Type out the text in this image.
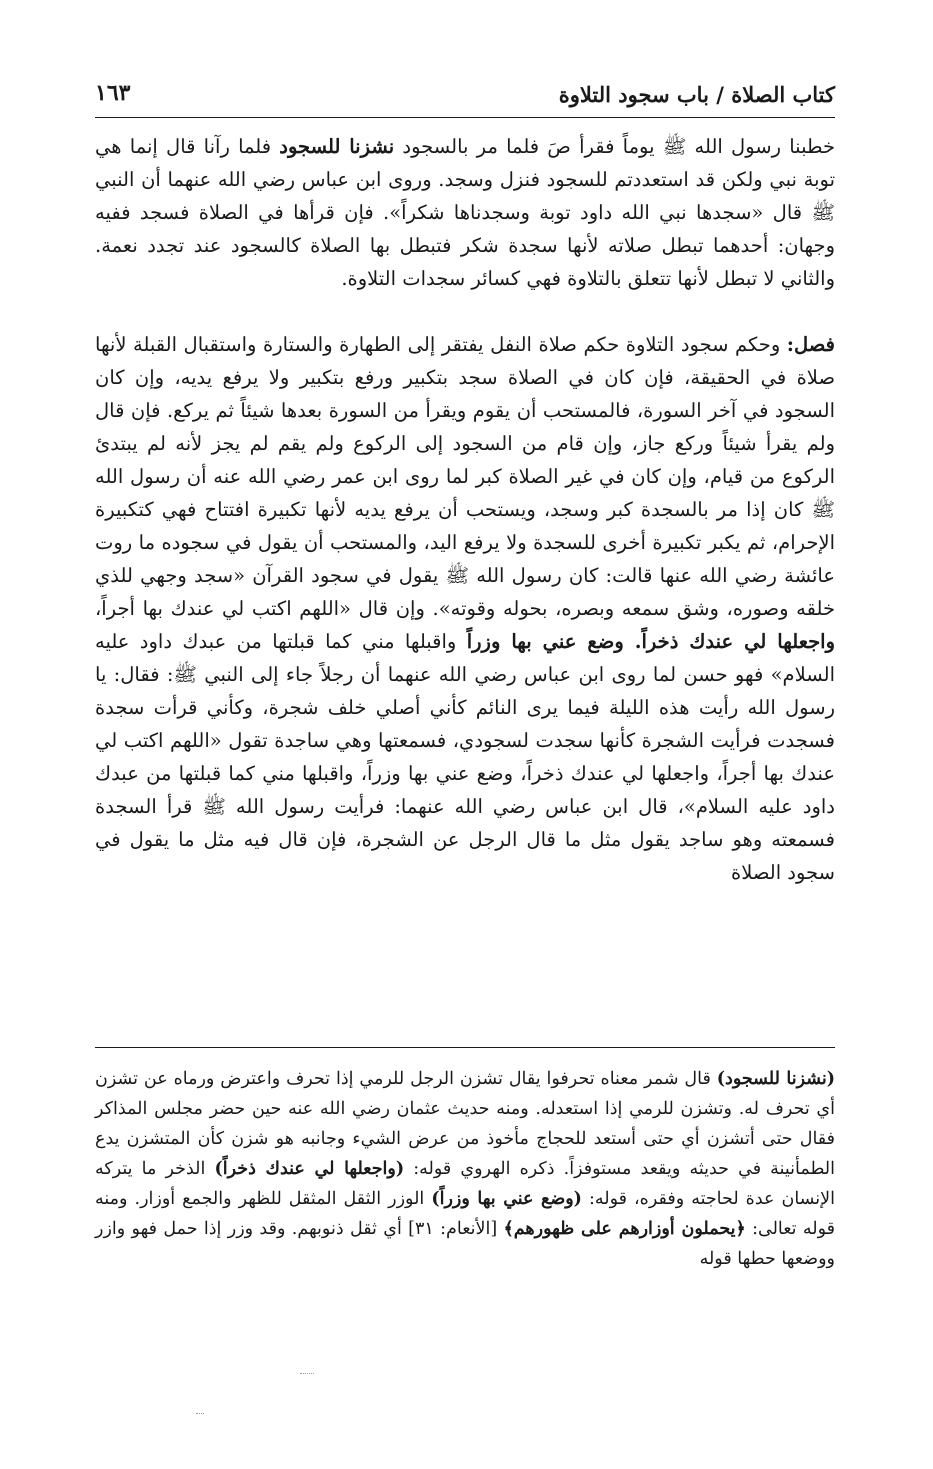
كتاب الصلاة / باب سجود التلاوة
١٦٣

خطبنا رسول الله ﷺ يوماً فقرأ صَ فلما مر بالسجود نشزنا للسجود فلما رآنا قال إنما هي توبة نبي ولكن قد استعددتم للسجود فنزل وسجد. وروى ابن عباس رضي الله عنهما أن النبي ﷺ قال «سجدها نبي الله داود توبة وسجدناها شكراً». فإن قرأها في الصلاة فسجد ففيه وجهان: أحدهما تبطل صلاته لأنها سجدة شكر فتبطل بها الصلاة كالسجود عند تجدد نعمة. والثاني لا تبطل لأنها تتعلق بالتلاوة فهي كسائر سجدات التلاوة.

فصل: وحكم سجود التلاوة حكم صلاة النفل يفتقر إلى الطهارة والستارة واستقبال القبلة لأنها صلاة في الحقيقة، فإن كان في الصلاة سجد بتكبير ورفع بتكبير ولا يرفع يديه، وإن كان السجود في آخر السورة، فالمستحب أن يقوم ويقرأ من السورة بعدها شيئاً ثم يركع. فإن قال ولم يقرأ شيئاً وركع جاز، وإن قام من السجود إلى الركوع ولم يقم لم يجز لأنه لم يبتدئ الركوع من قيام، وإن كان في غير الصلاة كبر لما روى ابن عمر رضي الله عنه أن رسول الله ﷺ كان إذا مر بالسجدة كبر وسجد، ويستحب أن يرفع يديه لأنها تكبيرة افتتاح فهي كتكبيرة الإحرام، ثم يكبر تكبيرة أخرى للسجدة ولا يرفع اليد، والمستحب أن يقول في سجوده ما روت عائشة رضي الله عنها قالت: كان رسول الله ﷺ يقول في سجود القرآن «سجد وجهي للذي خلقه وصوره، وشق سمعه وبصره، بحوله وقوته». وإن قال «اللهم اكتب لي عندك بها أجراً، واجعلها لي عندك ذخراً. وضع عني بها وزراً واقبلها مني كما قبلتها من عبدك داود عليه السلام» فهو حسن لما روى ابن عباس رضي الله عنهما أن رجلاً جاء إلى النبي ﷺ: فقال: يا رسول الله رأيت هذه الليلة فيما يرى النائم كأني أصلي خلف شجرة، وكأني قرأت سجدة فسجدت فرأيت الشجرة كأنها سجدت لسجودي، فسمعتها وهي ساجدة تقول «اللهم اكتب لي عندك بها أجراً، واجعلها لي عندك ذخراً، وضع عني بها وزراً، واقبلها مني كما قبلتها من عبدك داود عليه السلام»، قال ابن عباس رضي الله عنهما: فرأيت رسول الله ﷺ قرأ السجدة فسمعته وهو ساجد يقول مثل ما قال الرجل عن الشجرة، فإن قال فيه مثل ما يقول في سجود الصلاة

(نشزنا للسجود) قال شمر معناه تحرفوا يقال تشزن الرجل للرمي إذا تحرف واعترض ورماه عن تشزن أي تحرف له. وتشزن للرمي إذا استعدله. ومنه حديث عثمان رضي الله عنه حين حضر مجلس المذاكر فقال حتى أتشزن أي حتى أستعد للحجاج مأخوذ من عرض الشيء وجانبه هو شزن كأن المتشزن يدع الطمأنينة في حديثه ويقعد مستوفزاً. ذكره الهروي قوله: (واجعلها لي عندك ذخراً) الذخر ما يتركه الإنسان عدة لحاجته وفقره، قوله: (وضع عني بها وزراً) الوزر الثقل المثقل للظهر والجمع أوزار. ومنه قوله تعالى: ﴿يحملون أوزارهم على ظهورهم﴾ [الأنعام: ٣١] أي ثقل ذنوبهم. وقد وزر إذا حمل فهو وازر ووضعها حطها قوله
